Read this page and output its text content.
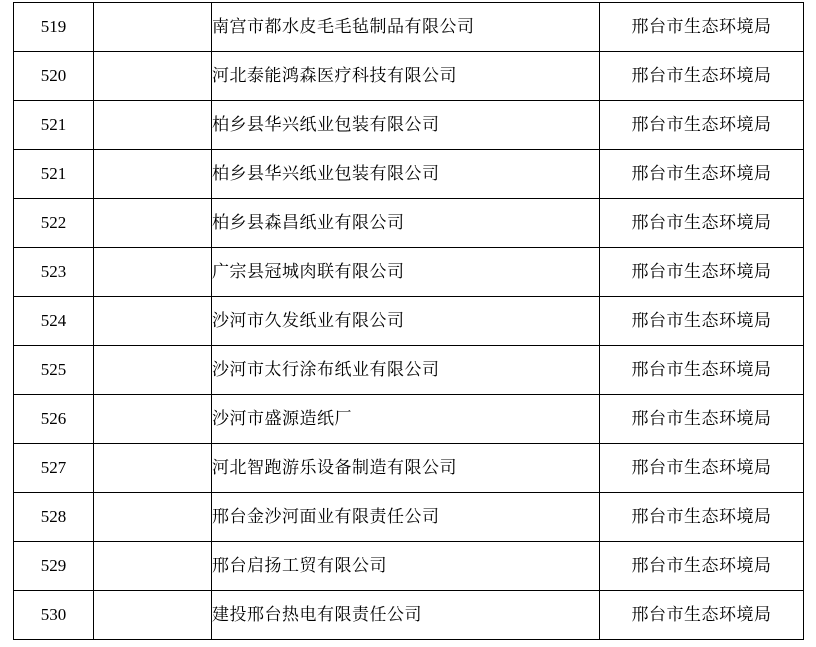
519		南宫市都水皮毛毛毡制品有限公司	邢台市生态环境局
520		河北泰能鸿森医疗科技有限公司	邢台市生态环境局
521		柏乡县华兴纸业包装有限公司	邢台市生态环境局
521		柏乡县华兴纸业包装有限公司	邢台市生态环境局
522		柏乡县森昌纸业有限公司	邢台市生态环境局
523		广宗县冠城肉联有限公司	邢台市生态环境局
524		沙河市久发纸业有限公司	邢台市生态环境局
525		沙河市太行涂布纸业有限公司	邢台市生态环境局
526		沙河市盛源造纸厂	邢台市生态环境局
527		河北智跑游乐设备制造有限公司	邢台市生态环境局
528		邢台金沙河面业有限责任公司	邢台市生态环境局
529		邢台启扬工贸有限公司	邢台市生态环境局
530		建投邢台热电有限责任公司	邢台市生态环境局
